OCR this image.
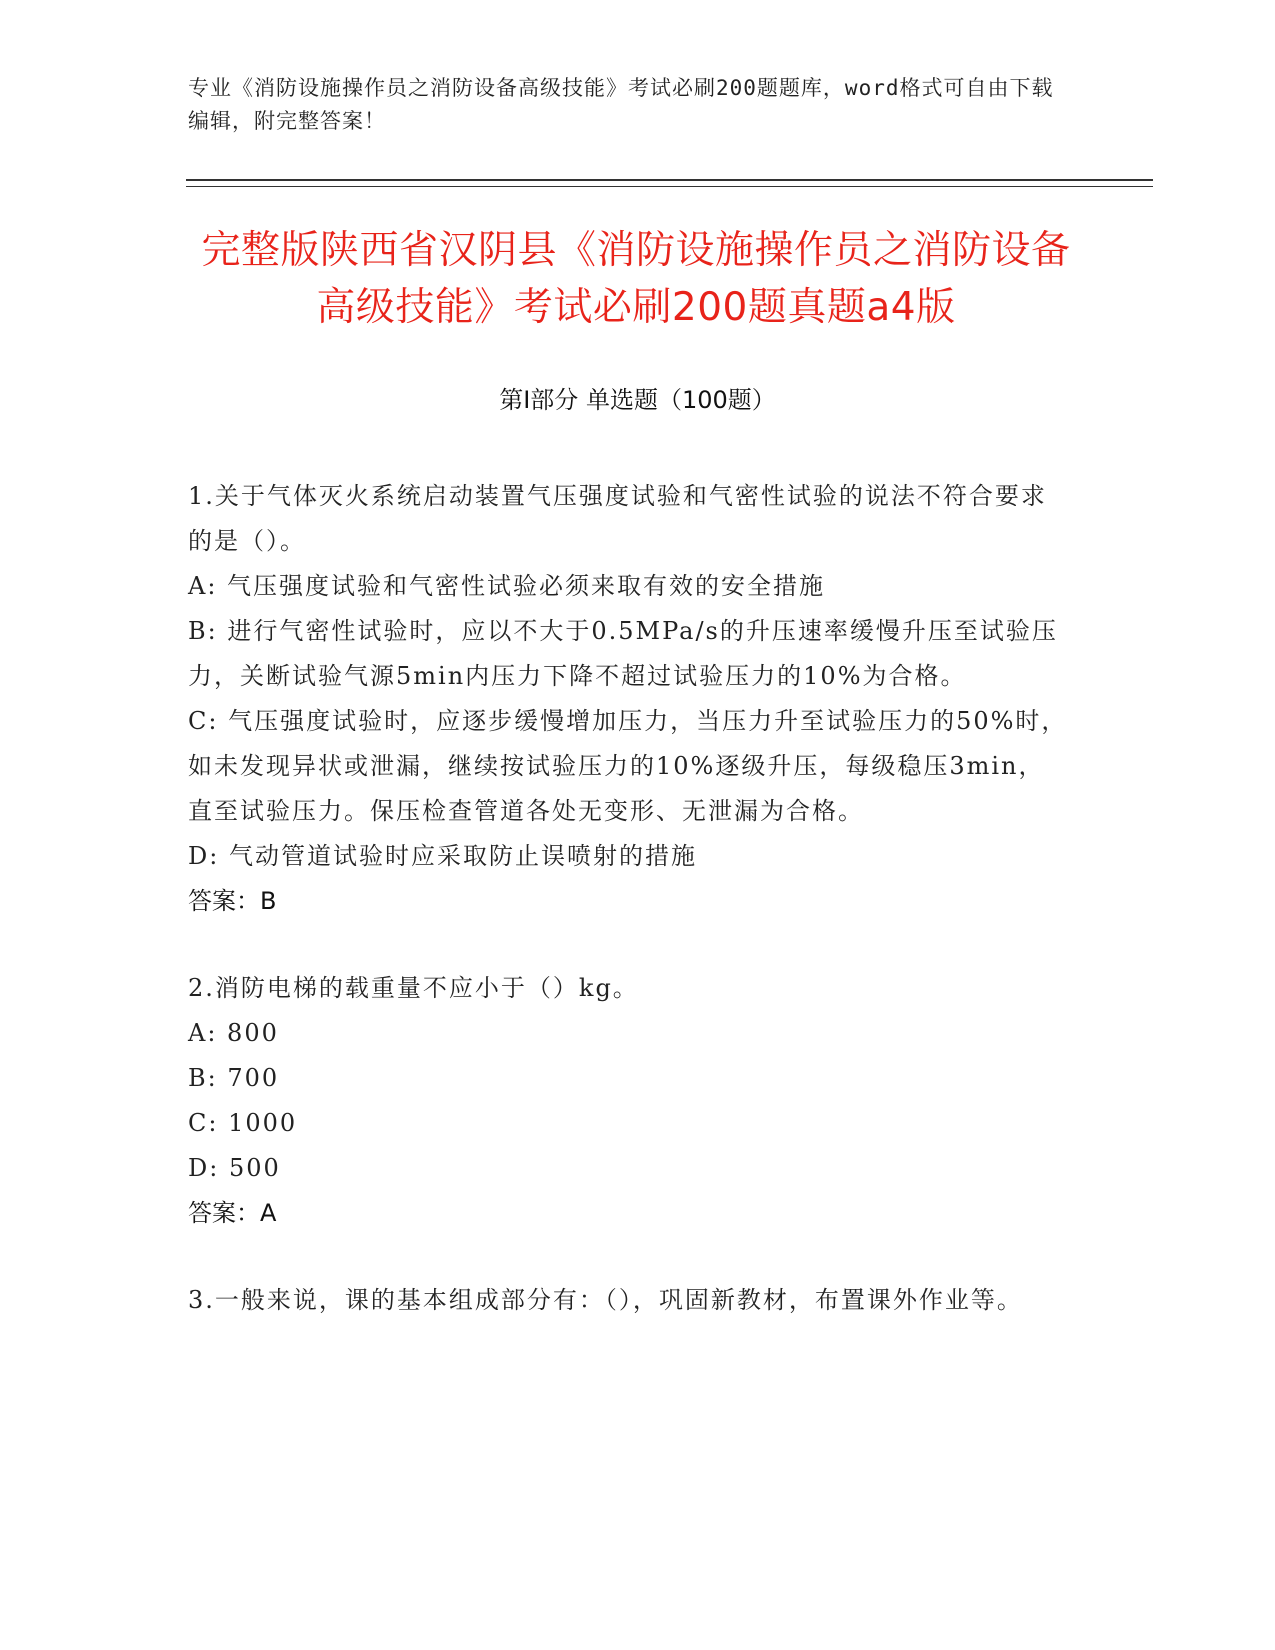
专业《消防设施操作员之消防设备高级技能》考试必刷200题题库，word格式可自由下载编辑，附完整答案！
完整版陕西省汉阴县《消防设施操作员之消防设备高级技能》考试必刷200题真题a4版
第Ⅰ部分 单选题（100题）
1.关于气体灭火系统启动装置气压强度试验和气密性试验的说法不符合要求的是（）。
A: 气压强度试验和气密性试验必须来取有效的安全措施
B: 进行气密性试验时，应以不大于0.5MPa/s的升压速率缓慢升压至试验压力，关断试验气源5min内压力下降不超过试验压力的10%为合格。
C: 气压强度试验时，应逐步缓慢增加压力，当压力升至试验压力的50%时，如未发现异状或泄漏，继续按试验压力的10%逐级升压，每级稳压3min，直至试验压力。保压检查管道各处无变形、无泄漏为合格。
D: 气动管道试验时应采取防止误喷射的措施
答案：B
2.消防电梯的载重量不应小于（）kg。
A: 800
B: 700
C: 1000
D: 500
答案：A
3.一般来说，课的基本组成部分有：（），巩固新教材，布置课外作业等。
